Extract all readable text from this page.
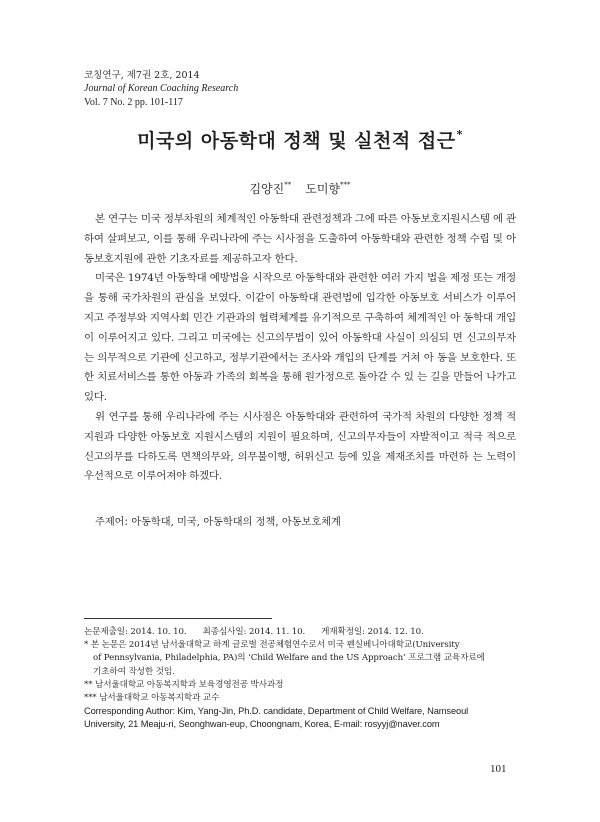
코칭연구, 제7권 2호, 2014
Journal of Korean Coaching Research
Vol. 7 No. 2 pp. 101-117
미국의 아동학대 정책 및 실천적 접근*
김양진** 도미향***

본 연구는 미국 정부차원의 체계적인 아동학대 관련정책과 그에 따른 아동보호지원시스템 에 관하여 살펴보고, 이를 통해 우리나라에 주는 시사점을 도출하여 아동학대와 관련한 정책 수립 및 아동보호지원에 관한 기초자료를 제공하고자 한다.

미국은 1974년 아동학대 예방법을 시작으로 아동학대와 관련한 여러 가지 법을 제정 또는 개정을 통해 국가차원의 관심을 보였다. 이같이 아동학대 관련법에 입각한 아동보호 서비스가 이루어지고 주정부와 지역사회 민간 기관과의 협력체계를 유기적으로 구축하여 체계적인 아 동학대 개입이 이루어지고 있다. 그리고 미국에는 신고의무법이 있어 아동학대 사실이 의심되 면 신고의무자는 의무적으로 기관에 신고하고, 정부기관에서는 조사와 개입의 단계를 거쳐 아 동을 보호한다. 또한 치료서비스를 통한 아동과 가족의 회복을 통해 원가정으로 돌아갈 수 있 는 길을 만들어 나가고 있다.

위 연구를 통해 우리나라에 주는 시사점은 아동학대와 관련하여 국가적 차원의 다양한 정책 적 지원과 다양한 아동보호 지원시스템의 지원이 필요하며, 신고의무자들이 자발적이고 적극 적으로 신고의무를 다하도록 면책의무와, 의무불이행, 허위신고 등에 있을 제재조치를 마련하 는 노력이 우선적으로 이루어져야 하겠다.

주제어: 아동학대, 미국, 아동학대의 정책, 아동보호체계
논문제출일: 2014. 10. 10. 최종심사일: 2014. 11. 10. 게재확정일: 2014. 12. 10.
* 본 논문은 2014년 남서울대학교 하계 글로벌 전공체험연수로서 미국 펜실베니아대학교(University
of Pennsylvania, Philadelphia, PA)의 ‘Child Welfare and the US Approach’ 프로그램 교육자료에
기초하여 작성한 것임.
** 남서울대학교 아동복지학과 보육경영전공 박사과정
*** 남서울대학교 아동복지학과 교수
Corresponding Author: Kim, Yang-Jin, Ph.D. candidate, Department of Child Welfare, Namseoul
University, 21 Meaju-ri, Seonghwan-eup, Choongnam, Korea, E-mail: rosyyj@naver.com
101
